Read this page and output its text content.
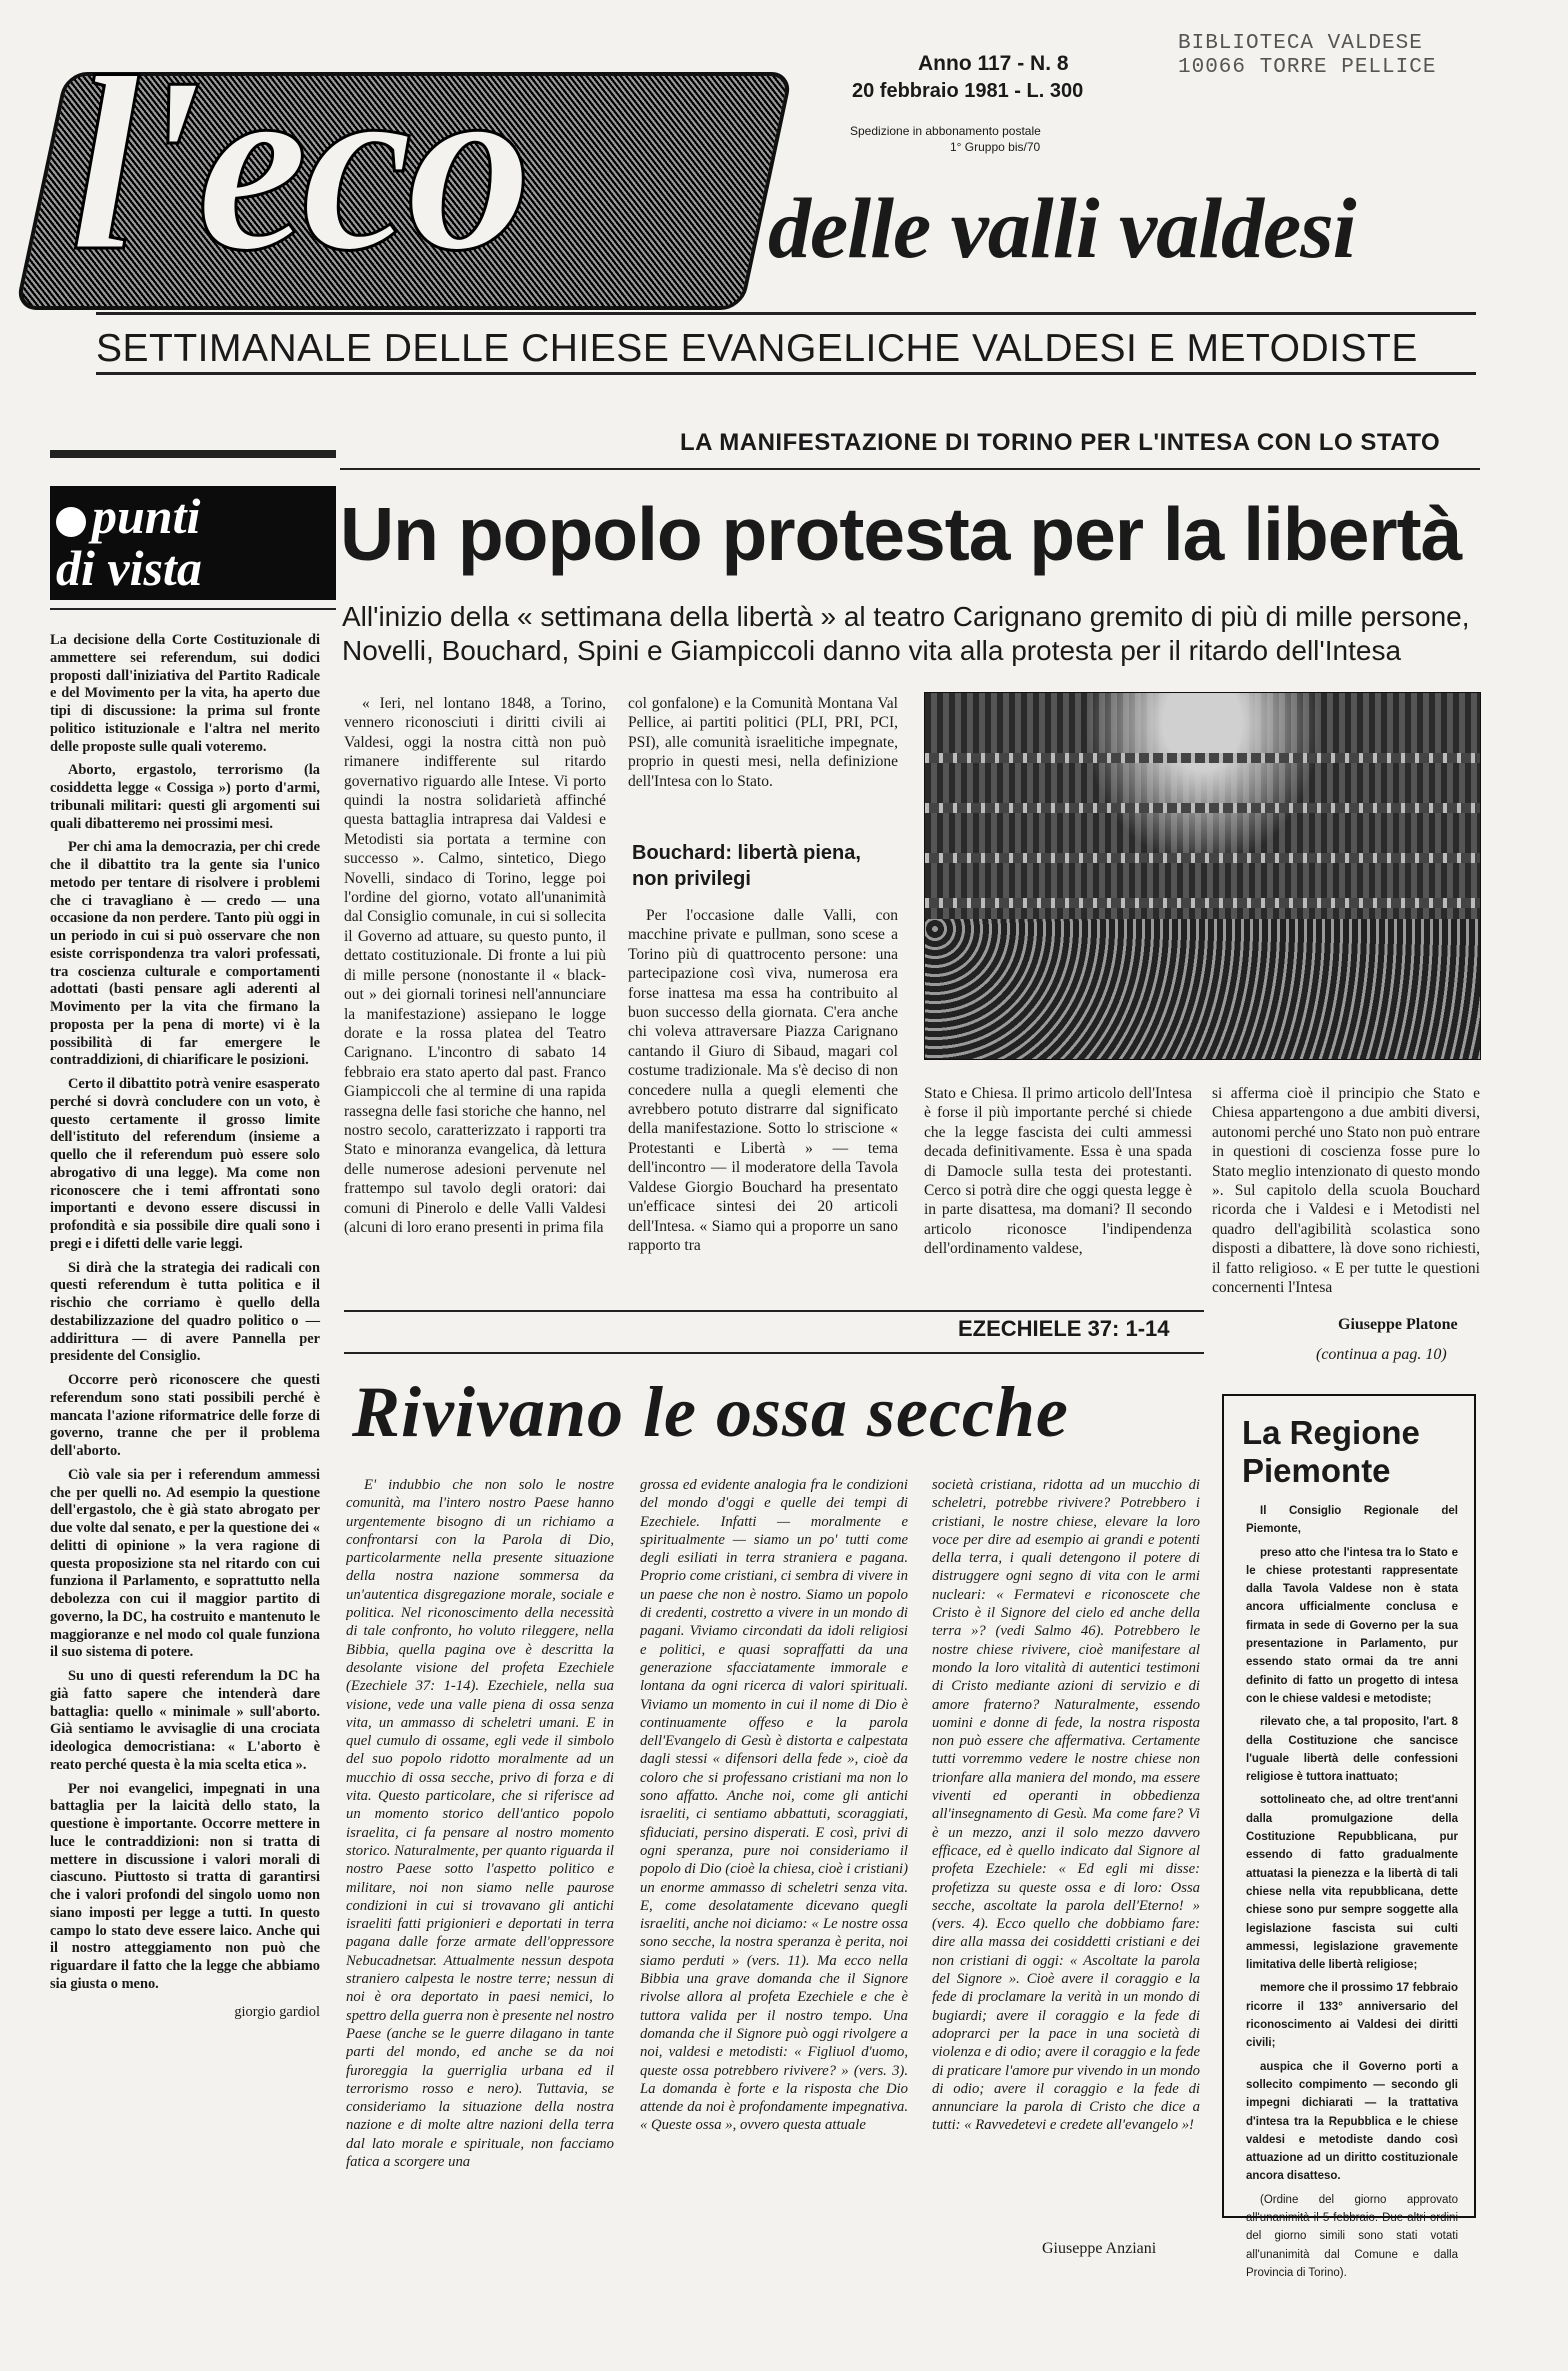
l'eco	delle valli valdesi
Anno 117 - N. 8
20 febbraio 1981 - L. 300
Spedizione in abbonamento postale
1° Gruppo bis/70
BIBLIOTECA VALDESE
10066 TORRE PELLICE
SETTIMANALE DELLE CHIESE EVANGELICHE VALDESI E METODISTE
LA MANIFESTAZIONE DI TORINO PER L'INTESA CON LO STATO
Un popolo protesta per la libertà
All'inizio della « settimana della libertà » al teatro Carignano gremito di più di mille persone, Novelli, Bouchard, Spini e Giampiccoli danno vita alla protesta per il ritardo dell'Intesa
punti
di vista

La decisione della Corte Costituzionale di ammettere sei referendum, sui dodici proposti dall'iniziativa del Partito Radicale e del Movimento per la vita, ha aperto due tipi di discussione: la prima sul fronte politico istituzionale e l'altra nel merito delle proposte sulle quali voteremo.

Aborto, ergastolo, terrorismo (la cosiddetta legge « Cossiga ») porto d'armi, tribunali militari: questi gli argomenti sui quali dibatteremo nei prossimi mesi.

Per chi ama la democrazia, per chi crede che il dibattito tra la gente sia l'unico metodo per tentare di risolvere i problemi che ci travagliano è — credo — una occasione da non perdere. Tanto più oggi in un periodo in cui si può osservare che non esiste corrispondenza tra valori professati, tra coscienza culturale e comportamenti adottati (basti pensare agli aderenti al Movimento per la vita che firmano la proposta per la pena di morte) vi è la possibilità di far emergere le contraddizioni, di chiarificare le posizioni.

Certo il dibattito potrà venire esasperato perché si dovrà concludere con un voto, è questo certamente il grosso limite dell'istituto del referendum (insieme a quello che il referendum può essere solo abrogativo di una legge). Ma come non riconoscere che i temi affrontati sono importanti e devono essere discussi in profondità e sia possibile dire quali sono i pregi e i difetti delle varie leggi.

Si dirà che la strategia dei radicali con questi referendum è tutta politica e il rischio che corriamo è quello della destabilizzazione del quadro politico o — addirittura — di avere Pannella per presidente del Consiglio.

Occorre però riconoscere che questi referendum sono stati possibili perché è mancata l'azione riformatrice delle forze di governo, tranne che per il problema dell'aborto.

Ciò vale sia per i referendum ammessi che per quelli no. Ad esempio la questione dell'ergastolo, che è già stato abrogato per due volte dal senato, e per la questione dei « delitti di opinione » la vera ragione di questa proposizione sta nel ritardo con cui funziona il Parlamento, e soprattutto nella debolezza con cui il maggior partito di governo, la DC, ha costruito e mantenuto le maggioranze e nel modo col quale funziona il suo sistema di potere.

Su uno di questi referendum la DC ha già fatto sapere che intenderà dare battaglia: quello « minimale » sull'aborto. Già sentiamo le avvisaglie di una crociata ideologica democristiana: « L'aborto è reato perché questa è la mia scelta etica ».

Per noi evangelici, impegnati in una battaglia per la laicità dello stato, la questione è importante. Occorre mettere in luce le contraddizioni: non si tratta di mettere in discussione i valori morali di ciascuno. Piuttosto si tratta di garantirsi che i valori profondi del singolo uomo non siano imposti per legge a tutti. In questo campo lo stato deve essere laico. Anche qui il nostro atteggiamento non può che riguardare il fatto che la legge che abbiamo sia giusta o meno.

giorgio gardiol

« Ieri, nel lontano 1848, a Torino, vennero riconosciuti i diritti civili ai Valdesi, oggi la nostra città non può rimanere indifferente sul ritardo governativo riguardo alle Intese. Vi porto quindi la nostra solidarietà affinché questa battaglia intrapresa dai Valdesi e Metodisti sia portata a termine con successo ». Calmo, sintetico, Diego Novelli, sindaco di Torino, legge poi l'ordine del giorno, votato all'unanimità dal Consiglio comunale, in cui si sollecita il Governo ad attuare, su questo punto, il dettato costituzionale. Di fronte a lui più di mille persone (nonostante il « black-out » dei giornali torinesi nell'annunciare la manifestazione) assiepano le logge dorate e la rossa platea del Teatro Carignano. L'incontro di sabato 14 febbraio era stato aperto dal past. Franco Giampiccoli che al termine di una rapida rassegna delle fasi storiche che hanno, nel nostro secolo, caratterizzato i rapporti tra Stato e minoranza evangelica, dà lettura delle numerose adesioni pervenute nel frattempo sul tavolo degli oratori: dai comuni di Pinerolo e delle Valli Valdesi (alcuni di loro erano presenti in prima fila

col gonfalone) e la Comunità Montana Val Pellice, ai partiti politici (PLI, PRI, PCI, PSI), alle comunità israelitiche impegnate, proprio in questi mesi, nella definizione dell'Intesa con lo Stato.

Bouchard: libertà piena, non privilegi

Per l'occasione dalle Valli, con macchine private e pullman, sono scese a Torino più di quattrocento persone: una partecipazione così viva, numerosa era forse inattesa ma essa ha contribuito al buon successo della giornata. C'era anche chi voleva attraversare Piazza Carignano cantando il Giuro di Sibaud, magari col costume tradizionale. Ma s'è deciso di non concedere nulla a quegli elementi che avrebbero potuto distrarre dal significato della manifestazione. Sotto lo striscione « Protestanti e Libertà » — tema dell'incontro — il moderatore della Tavola Valdese Giorgio Bouchard ha presentato un'efficace sintesi dei 20 articoli dell'Intesa. « Siamo qui a proporre un sano rapporto tra

Stato e Chiesa. Il primo articolo dell'Intesa è forse il più importante perché si chiede che la legge fascista dei culti ammessi decada definitivamente. Essa è una spada di Damocle sulla testa dei protestanti. Cerco si potrà dire che oggi questa legge è in parte disattesa, ma domani? Il secondo articolo riconosce l'indipendenza dell'ordinamento valdese,

si afferma cioè il principio che Stato e Chiesa appartengono a due ambiti diversi, autonomi perché uno Stato non può entrare in questioni di coscienza fosse pure lo Stato meglio intenzionato di questo mondo ». Sul capitolo della scuola Bouchard ricorda che i Valdesi e i Metodisti nel quadro dell'agibilità scolastica sono disposti a dibattere, là dove sono richiesti, il fatto religioso. « E per tutte le questioni concernenti l'Intesa

Giuseppe Platone
(continua a pag. 10)
EZECHIELE 37: 1-14
Rivivano le ossa secche

E' indubbio che non solo le nostre comunità, ma l'intero nostro Paese hanno urgentemente bisogno di un richiamo a confrontarsi con la Parola di Dio, particolarmente nella presente situazione della nostra nazione sommersa da un'autentica disgregazione morale, sociale e politica. Nel riconoscimento della necessità di tale confronto, ho voluto rileggere, nella Bibbia, quella pagina ove è descritta la desolante visione del profeta Ezechiele (Ezechiele 37: 1-14). Ezechiele, nella sua visione, vede una valle piena di ossa senza vita, un ammasso di scheletri umani. E in quel cumulo di ossame, egli vede il simbolo del suo popolo ridotto moralmente ad un mucchio di ossa secche, privo di forza e di vita. Questo particolare, che si riferisce ad un momento storico dell'antico popolo israelita, ci fa pensare al nostro momento storico. Naturalmente, per quanto riguarda il nostro Paese sotto l'aspetto politico e militare, noi non siamo nelle paurose condizioni in cui si trovavano gli antichi israeliti fatti prigionieri e deportati in terra pagana dalle forze armate dell'oppressore Nebucadnetsar. Attualmente nessun despota straniero calpesta le nostre terre; nessun di noi è ora deportato in paesi nemici, lo spettro della guerra non è presente nel nostro Paese (anche se le guerre dilagano in tante parti del mondo, ed anche se da noi furoreggia la guerriglia urbana ed il terrorismo rosso e nero). Tuttavia, se consideriamo la situazione della nostra nazione e di molte altre nazioni della terra dal lato morale e spirituale, non facciamo fatica a scorgere una

grossa ed evidente analogia fra le condizioni del mondo d'oggi e quelle dei tempi di Ezechiele. Infatti — moralmente e spiritualmente — siamo un po' tutti come degli esiliati in terra straniera e pagana. Proprio come cristiani, ci sembra di vivere in un paese che non è nostro. Siamo un popolo di credenti, costretto a vivere in un mondo di pagani. Viviamo circondati da idoli religiosi e politici, e quasi sopraffatti da una generazione sfacciatamente immorale e lontana da ogni ricerca di valori spirituali. Viviamo un momento in cui il nome di Dio è continuamente offeso e la parola dell'Evangelo di Gesù è distorta e calpestata dagli stessi « difensori della fede », cioè da coloro che si professano cristiani ma non lo sono affatto. Anche noi, come gli antichi israeliti, ci sentiamo abbattuti, scoraggiati, sfiduciati, persino disperati. E così, privi di ogni speranza, pure noi consideriamo il popolo di Dio (cioè la chiesa, cioè i cristiani) un enorme ammasso di scheletri senza vita. E, come desolatamente dicevano quegli israeliti, anche noi diciamo: « Le nostre ossa sono secche, la nostra speranza è perita, noi siamo perduti » (vers. 11). Ma ecco nella Bibbia una grave domanda che il Signore rivolse allora al profeta Ezechiele e che è tuttora valida per il nostro tempo. Una domanda che il Signore può oggi rivolgere a noi, valdesi e metodisti: « Figliuol d'uomo, queste ossa potrebbero rivivere? » (vers. 3). La domanda è forte e la risposta che Dio attende da noi è profondamente impegnativa. « Queste ossa », ovvero questa attuale

società cristiana, ridotta ad un mucchio di scheletri, potrebbe rivivere? Potrebbero i cristiani, le nostre chiese, elevare la loro voce per dire ad esempio ai grandi e potenti della terra, i quali detengono il potere di distruggere ogni segno di vita con le armi nucleari: « Fermatevi e riconoscete che Cristo è il Signore del cielo ed anche della terra »? (vedi Salmo 46). Potrebbero le nostre chiese rivivere, cioè manifestare al mondo la loro vitalità di autentici testimoni di Cristo mediante azioni di servizio e di amore fraterno? Naturalmente, essendo uomini e donne di fede, la nostra risposta non può essere che affermativa. Certamente tutti vorremmo vedere le nostre chiese non trionfare alla maniera del mondo, ma essere viventi ed operanti in obbedienza all'insegnamento di Gesù. Ma come fare? Vi è un mezzo, anzi il solo mezzo davvero efficace, ed è quello indicato dal Signore al profeta Ezechiele: « Ed egli mi disse: profetizza su queste ossa e di loro: Ossa secche, ascoltate la parola dell'Eterno! » (vers. 4). Ecco quello che dobbiamo fare: dire alla massa dei cosiddetti cristiani e dei non cristiani di oggi: « Ascoltate la parola del Signore ». Cioè avere il coraggio e la fede di proclamare la verità in un mondo di bugiardi; avere il coraggio e la fede di adoprarci per la pace in una società di violenza e di odio; avere il coraggio e la fede di praticare l'amore pur vivendo in un mondo di odio; avere il coraggio e la fede di annunciare la parola di Cristo che dice a tutti: « Ravvedetevi e credete all'evangelo »!

Giuseppe Anziani
La Regione Piemonte

Il Consiglio Regionale del Piemonte,

preso atto che l'intesa tra lo Stato e le chiese protestanti rappresentate dalla Tavola Valdese non è stata ancora ufficialmente conclusa e firmata in sede di Governo per la sua presentazione in Parlamento, pur essendo stato ormai da tre anni definito di fatto un progetto di intesa con le chiese valdesi e metodiste;

rilevato che, a tal proposito, l'art. 8 della Costituzione che sancisce l'uguale libertà delle confessioni religiose è tuttora inattuato;

sottolineato che, ad oltre trent'anni dalla promulgazione della Costituzione Repubblicana, pur essendo di fatto gradualmente attuatasi la pienezza e la libertà di tali chiese nella vita repubblicana, dette chiese sono pur sempre soggette alla legislazione fascista sui culti ammessi, legislazione gravemente limitativa delle libertà religiose;

memore che il prossimo 17 febbraio ricorre il 133° anniversario del riconoscimento ai Valdesi dei diritti civili;

auspica che il Governo porti a sollecito compimento — secondo gli impegni dichiarati — la trattativa d'intesa tra la Repubblica e le chiese valdesi e metodiste dando così attuazione ad un diritto costituzionale ancora disatteso.

(Ordine del giorno approvato all'unanimità il 5 febbraio. Due altri ordini del giorno simili sono stati votati all'unanimità dal Comune e dalla Provincia di Torino).
